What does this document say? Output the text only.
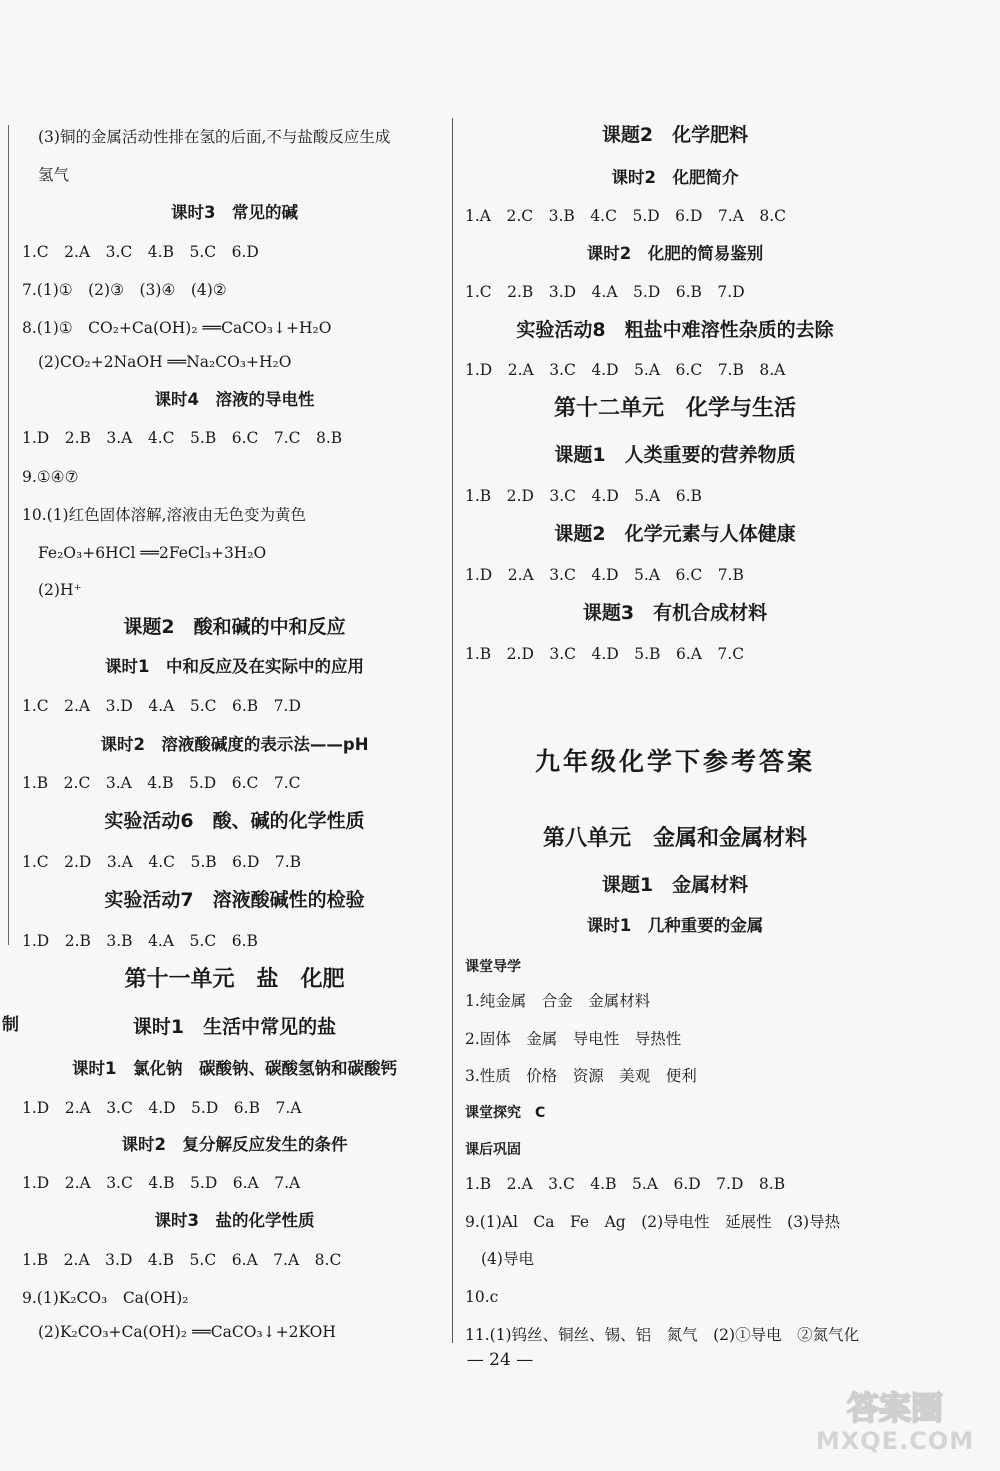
制
(3)铜的金属活动性排在氢的后面,不与盐酸反应生成
氢气
课时3　常见的碱
1.C　2.A　3.C　4.B　5.C　6.D
7.(1)①　(2)③　(3)④　(4)②
8.(1)①　CO₂+Ca(OH)₂ ══CaCO₃↓+H₂O
(2)CO₂+2NaOH ══Na₂CO₃+H₂O
课时4　溶液的导电性
1.D　2.B　3.A　4.C　5.B　6.C　7.C　8.B
9.①④⑦
10.(1)红色固体溶解,溶液由无色变为黄色
Fe₂O₃+6HCl ══2FeCl₃+3H₂O
(2)H⁺
课题2　酸和碱的中和反应
课时1　中和反应及在实际中的应用
1.C　2.A　3.D　4.A　5.C　6.B　7.D
课时2　溶液酸碱度的表示法——pH
1.B　2.C　3.A　4.B　5.D　6.C　7.C
实验活动6　酸、碱的化学性质
1.C　2.D　3.A　4.C　5.B　6.D　7.B
实验活动7　溶液酸碱性的检验
1.D　2.B　3.B　4.A　5.C　6.B
第十一单元　盐　化肥
课时1　生活中常见的盐
课时1　氯化钠　碳酸钠、碳酸氢钠和碳酸钙
1.D　2.A　3.C　4.D　5.D　6.B　7.A
课时2　复分解反应发生的条件
1.D　2.A　3.C　4.B　5.D　6.A　7.A
课时3　盐的化学性质
1.B　2.A　3.D　4.B　5.C　6.A　7.A　8.C
9.(1)K₂CO₃　Ca(OH)₂
(2)K₂CO₃+Ca(OH)₂ ══CaCO₃↓+2KOH
课题2　化学肥料
课时2　化肥简介
1.A　2.C　3.B　4.C　5.D　6.D　7.A　8.C
课时2　化肥的简易鉴别
1.C　2.B　3.D　4.A　5.D　6.B　7.D
实验活动8　粗盐中难溶性杂质的去除
1.D　2.A　3.C　4.D　5.A　6.C　7.B　8.A
第十二单元　化学与生活
课题1　人类重要的营养物质
1.B　2.D　3.C　4.D　5.A　6.B
课题2　化学元素与人体健康
1.D　2.A　3.C　4.D　5.A　6.C　7.B
课题3　有机合成材料
1.B　2.D　3.C　4.D　5.B　6.A　7.C
九年级化学下参考答案
第八单元　金属和金属材料
课题1　金属材料
课时1　几种重要的金属
课堂导学
1.纯金属　合金　金属材料
2.固体　金属　导电性　导热性
3.性质　价格　资源　美观　便利
课堂探究　C
课后巩固
1.B　2.A　3.C　4.B　5.A　6.D　7.D　8.B
9.(1)Al　Ca　Fe　Ag　(2)导电性　延展性　(3)导热
(4)导电
10.c
11.(1)钨丝、铜丝、锡、铝　氮气　(2)①导电　②氮气化
— 24 —
答案圈
MXQE.COM
